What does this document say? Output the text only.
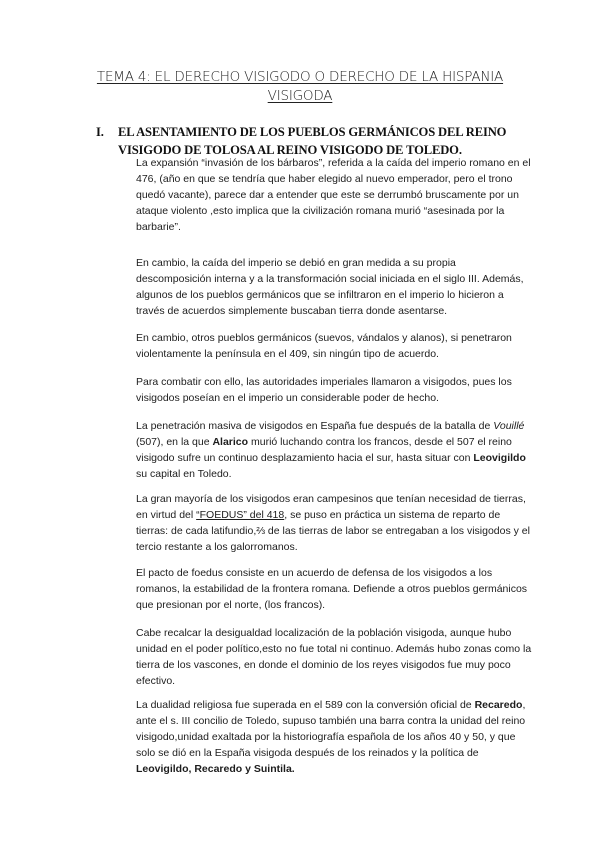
TEMA 4: EL DERECHO VISIGODO O DERECHO DE LA HISPANIA VISIGODA
I. EL ASENTAMIENTO DE LOS PUEBLOS GERMÁNICOS DEL REINO VISIGODO DE TOLOSA AL REINO VISIGODO DE TOLEDO.

La expansión “invasión de los bárbaros”, referida a la caída del imperio romano en el 476, (año en que se tendría que haber elegido al nuevo emperador, pero el trono quedó vacante), parece dar a entender que este se derrumbó bruscamente por un ataque violento ,esto implica que la civilización romana murió “asesinada por la barbarie”.

En cambio, la caída del imperio se debió en gran medida a su propia descomposición interna y a la transformación social iniciada en el siglo III. Además, algunos de los pueblos germánicos que se infiltraron en el imperio lo hicieron a través de acuerdos simplemente buscaban tierra donde asentarse.

En cambio, otros pueblos germánicos (suevos, vándalos y alanos), si penetraron violentamente la península en el 409, sin ningún tipo de acuerdo.

Para combatir con ello, las autoridades imperiales llamaron a visigodos, pues los visigodos poseían en el imperio un considerable poder de hecho.

La penetración masiva de visigodos en España fue después de la batalla de Vouillé (507), en la que Alarico murió luchando contra los francos, desde el 507 el reino visigodo sufre un continuo desplazamiento hacia el sur, hasta situar con Leovigildo su capital en Toledo.

La gran mayoría de los visigodos eran campesinos que tenían necesidad de tierras, en virtud del “FOEDUS” del 418, se puso en práctica un sistema de reparto de tierras: de cada latifundio,⅔ de las tierras de labor se entregaban a los visigodos y el tercio restante a los galorromanos.

El pacto de foedus consiste en un acuerdo de defensa de los visigodos a los romanos, la estabilidad de la frontera romana. Defiende a otros pueblos germánicos que presionan por el norte, (los francos).

Cabe recalcar la desigualdad localización de la población visigoda, aunque hubo unidad en el poder político,esto no fue total ni continuo. Además hubo zonas como la tierra de los vascones, en donde el dominio de los reyes visigodos fue muy poco efectivo.

La dualidad religiosa fue superada en el 589 con la conversión oficial de Recaredo, ante el s. III concilio de Toledo, supuso también una barra contra la unidad del reino visigodo,unidad exaltada por la historiografía española de los años 40 y 50, y que solo se dió en la España visigoda después de los reinados y la política de Leovigildo, Recaredo y Suintila.
